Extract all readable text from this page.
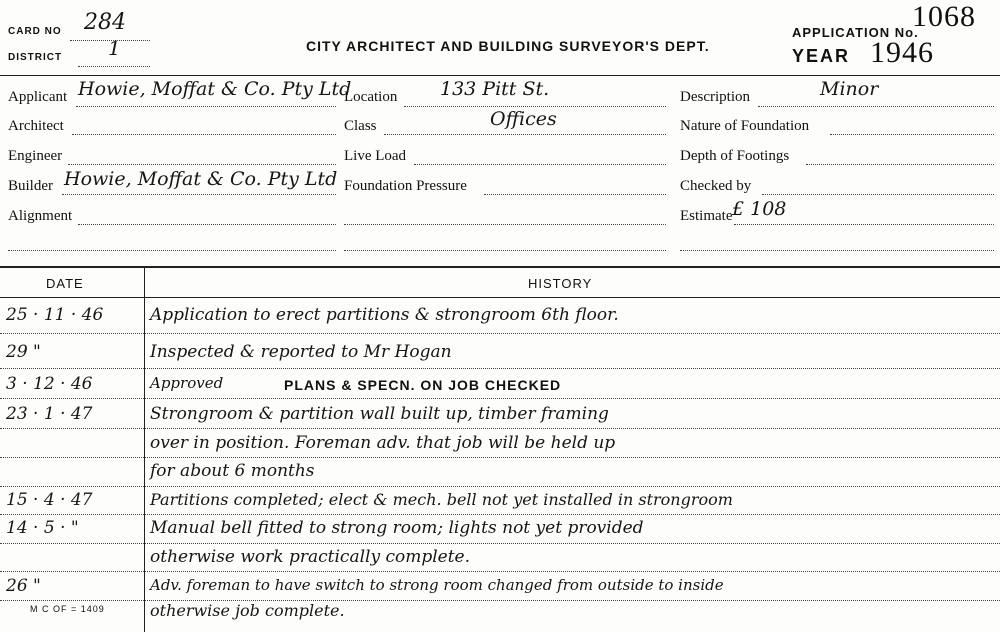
CARD NO 284
DISTRICT 1	CITY ARCHITECT AND BUILDING SURVEYOR'S DEPT.
APPLICATION No.
1068
YEAR 1946
Applicant Howie, Moffat & Co. Pty Ltd
Architect
Engineer
Builder Howie, Moffat & Co. Pty Ltd
Alignment
Location 133 Pitt St.
Class	Offices
Live Load
Foundation Pressure
Description	Minor
Nature of Foundation
Depth of Footings
Checked by
Estimate £ 108
DATE	HISTORY
25 · 11 · 46	Application to erect partitions & strongroom 6th floor.
29 "	Inspected & reported to Mr Hogan
3 · 12 · 46	Approved	PLANS & SPECN. ON JOB CHECKED
23 · 1 · 47	Strongroom & partition wall built up, timber framing
over in position. Foreman adv. that job will be held up
for about 6 months
15 · 4 · 47	Partitions completed; elect & mech. bell not yet installed in strongroom
14 · 5 · "	Manual bell fitted to strong room; lights not yet provided
otherwise work practically complete.
26 "	Adv. foreman to have switch to strong room changed from outside to inside
otherwise job complete.
M C OF = 1409
